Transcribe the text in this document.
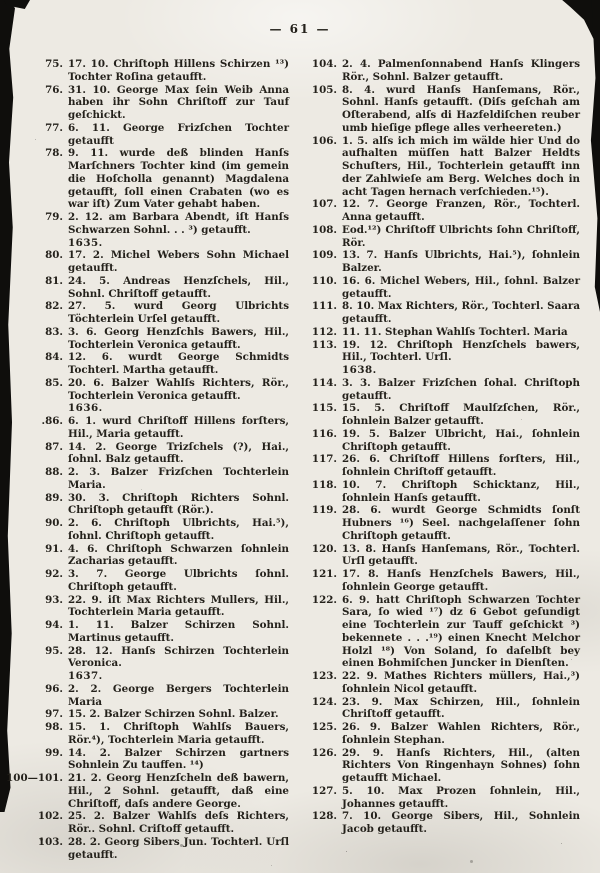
— 61 —
75. 17. 10. Chriſtoph Hillens Schirzen ¹³) Tochter Roſina getaufft.
76. 31. 10. George Max ſein Weib Anna haben ihr Sohn Chriſtoff zur Tauf geſchickt.
77. 6. 11. George Frizſchen Tochter getaufft
78. 9. 11. wurde deß blinden Hanſs Marſchners Tochter kind (im gemein die Hoſcholla genannt) Magdalena getaufft, ſoll einen Crabaten (wo es war iſt) Zum Vater gehabt haben.
79. 2. 12. am Barbara Abendt, iſt Hanſs Schwarzen Sohnl. . . ³) getaufft.
1635.
80. 17. 2. Michel Webers Sohn Michael getaufft.
81. 24. 5. Andreas Henzſchels, Hil., Sohnl. Chriſtoff getaufft.
82. 27. 5. wurd Georg Ulbrichts Töchterlein Urſel getaufft.
83. 3. 6. Georg Henzſchls Bawers, Hil., Tochterlein Veronica getaufft.
84. 12. 6. wurdt George Schmidts Tochterl. Martha getaufft.
85. 20. 6. Balzer Wahlſs Richters, Rör., Tochterlein Veronica getaufft.
1636.
.86. 6. 1. wurd Chriſtoff Hillens forſters, Hil., Maria getaufft.
87. 14. 2. George Trizſchels (?), Hai., ſohnl. Balz getaufft.
88. 2. 3. Balzer Frizſchen Tochterlein Maria.
89. 30. 3. Chriſtoph Richters Sohnl. Chriſtoph getaufft (Rör.).
90. 2. 6. Chriſtoph Ulbrichts, Hai.⁵), ſohnl. Chriſtoph getaufft.
91. 4. 6. Chriſtoph Schwarzen ſohnlein Zacharias getaufft.
92. 3. 7. George Ulbrichts ſohnl. Chriſtoph getaufft.
93. 22. 9. iſt Max Richters Mullers, Hil., Tochterlein Maria getaufft.
94. 1. 11. Balzer Schirzen Sohnl. Martinus getaufft.
95. 28. 12. Hanſs Schirzen Tochterlein Veronica.
1637.
96. 2. 2. George Bergers Tochterlein Maria
97. 15. 2. Balzer Schirzen Sohnl. Balzer.
98. 15. 1. Chriſtoph Wahlſs Bauers, Rör.⁴), Tochterlein Maria getaufft.
99. 14. 2. Balzer Schirzen gartners Sohnlein Zu tauffen. ¹⁴)
100—101. 21. 2. Georg Henzſcheln deß bawern, Hil., 2 Sohnl. getaufft, daß eine Chriſtoff, daſs andere George.
102. 25. 2. Balzer Wahlſs deſs Richters, Rör.. Sohnl. Criſtoff getaufft.
103. 28. 2. Georg Sibers Jun. Tochterl. Urſl getaufft.
104. 2. 4. Palmenſonnabend Hanſs Klingers Rör., Sohnl. Balzer getaufft.
105. 8. 4. wurd Hanſs Hanſemans, Rör., Sohnl. Hanſs getaufft. (Diſs geſchah am Oſterabend, alſs di Hazfeldiſchen reuber umb hieſige pflege alles verheereten.)
106. 1. 5. alſs ich mich im wälde hier Und do aufhalten müſſen hatt Balzer Heldts Schuſters, Hil., Tochterlein getaufft inn der Zahlwieſe am Berg. Welches doch in acht Tagen hernach verſchieden.¹⁵).
107. 12. 7. George Franzen, Rör., Tochterl. Anna getaufft.
108. Eod.¹²) Chriſtoff Ulbrichts ſohn Chriſtoff, Rör.
109. 13. 7. Hanſs Ulbrichts, Hai.⁵), ſohnlein Balzer.
110. 16. 6. Michel Webers, Hil., ſohnl. Balzer getaufft.
111. 8. 10. Max Richters, Rör., Tochterl. Saara getaufft.
112. 11. 11. Stephan Wahlſs Tochterl. Maria
113. 19. 12. Chriſtoph Henzſchels bawers, Hil., Tochterl. Urſl.
1638.
114. 3. 3. Balzer Frizſchen ſohal. Chriſtoph getaufft.
115. 15. 5. Chriſtoff Maulſzſchen, Rör., ſohnlein Balzer getaufft.
116. 19. 5. Balzer Ulbricht, Hai., ſohnlein Chriſtoph getaufft.
117. 26. 6. Chriſtoff Hillens forſters, Hil., ſohnlein Chriſtoff getaufft.
118. 10. 7. Chriſtoph Schicktanz, Hil., ſohnlein Hanſs getaufft.
119. 28. 6. wurdt George Schmidts ſonſt Hubners ¹⁶) Seel. nachgelaſſener ſohn Chriſtoph getaufft.
120. 13. 8. Hanſs Hanſemans, Rör., Tochterl. Urſl getaufft.
121. 17. 8. Hanſs Henzſchels Bawers, Hil., ſohnlein George getaufft.
122. 6. 9. hatt Chriſtoph Schwarzen Tochter Sara, ſo wied ¹⁷) dz 6 Gebot geſundigt eine Tochterlein zur Tauff geſchickt ³) bekennete . . .¹⁹) einen Knecht Melchor Holzl ¹⁸) Von Soland, ſo daſelbſt bey einen Bohmiſchen Juncker in Dienſten.
123. 22. 9. Mathes Richters müllers, Hai.,³) ſohnlein Nicol getaufft.
124. 23. 9. Max Schirzen, Hil., ſohnlein Chriſtoff getaufft.
125. 26. 9. Balzer Wahlen Richters, Rör., ſohnlein Stephan.
126. 29. 9. Hanſs Richters, Hil., (alten Richters Von Ringenhayn Sohnes) ſohn getaufft Michael.
127. 5. 10. Max Prozen ſohnlein, Hil., Johannes getaufft.
128. 7. 10. George Sibers, Hil., Sohnlein Jacob getaufft.
